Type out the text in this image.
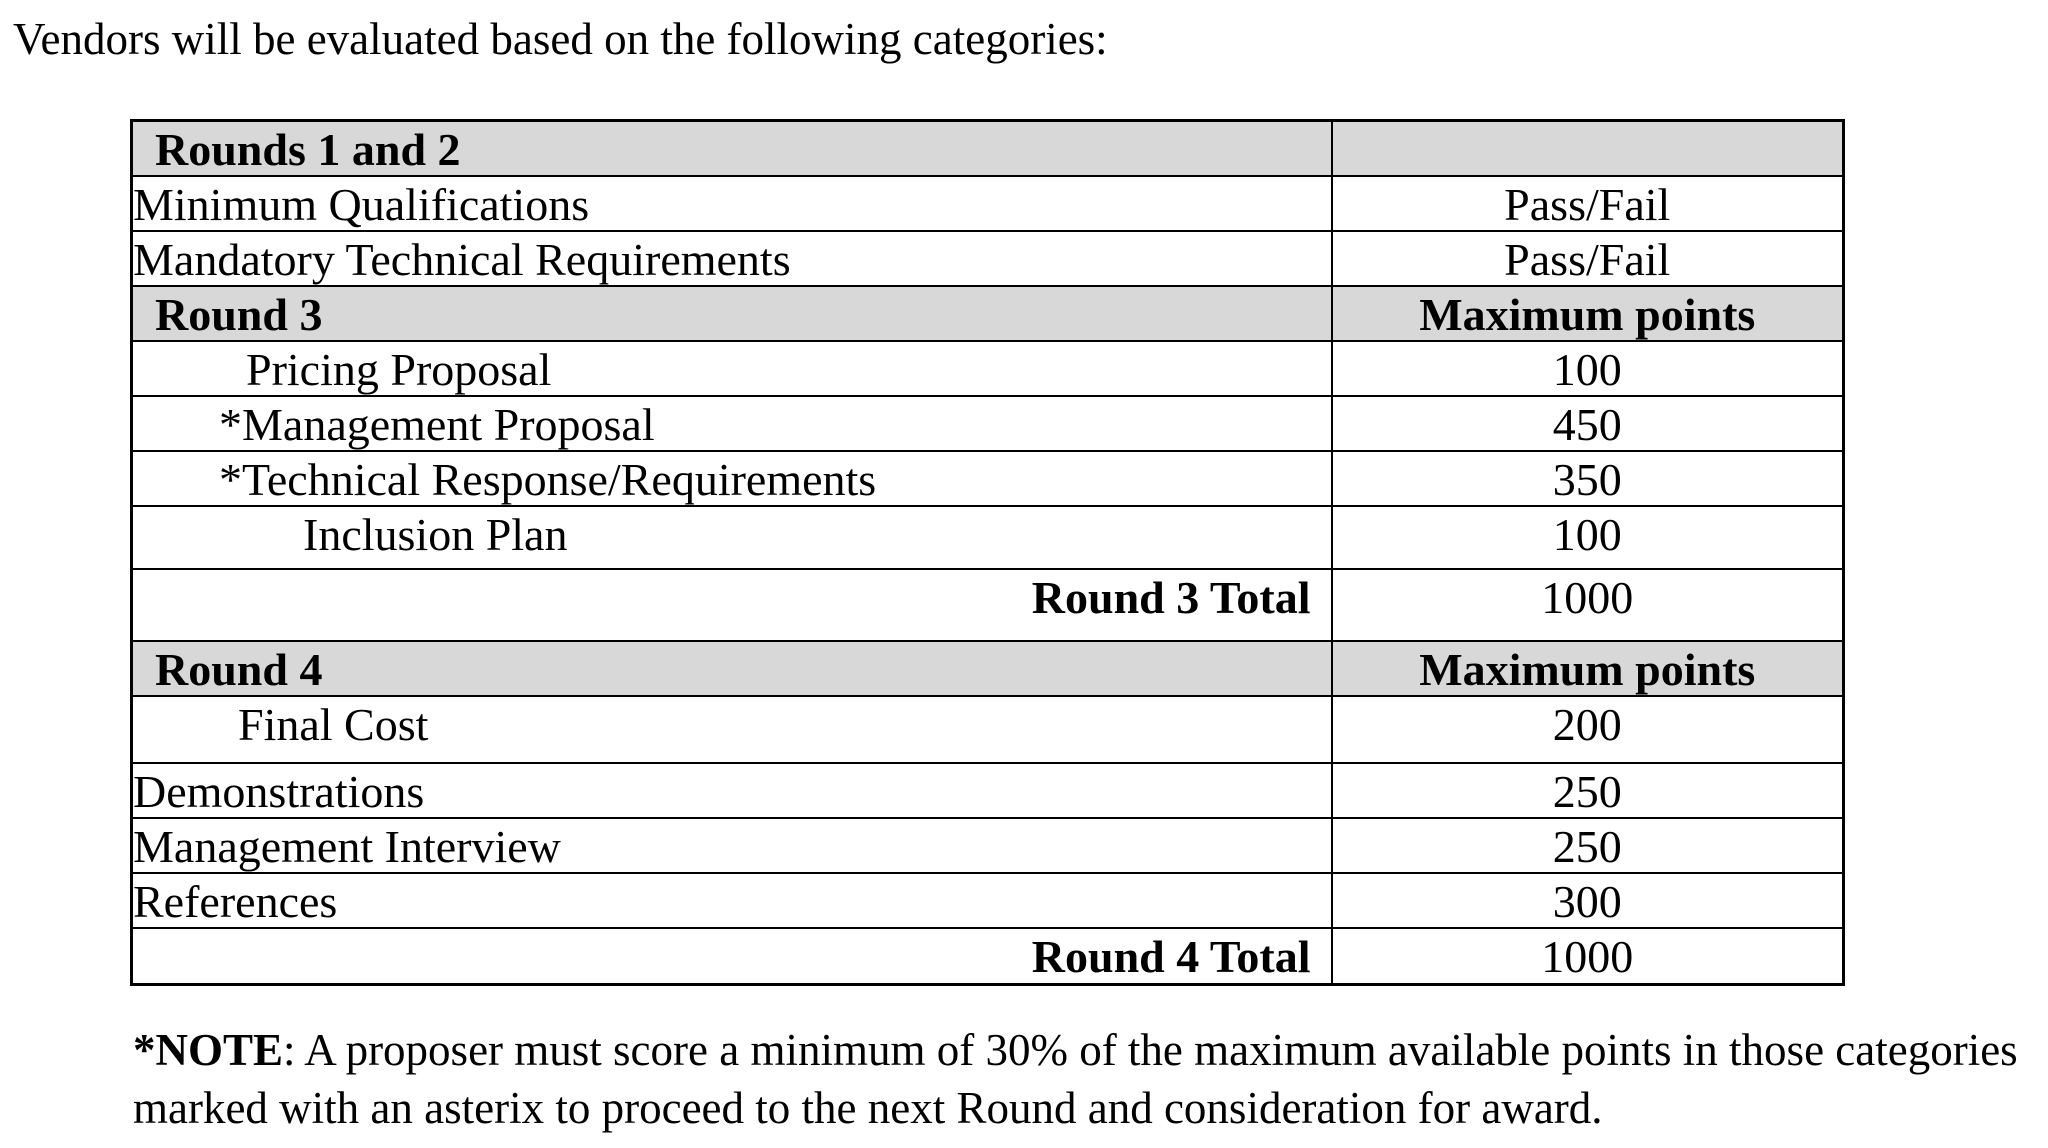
Vendors will be evaluated based on the following categories:

Rounds 1 and 2	
Minimum Qualifications	Pass/Fail
Mandatory Technical Requirements	Pass/Fail
Round 3	Maximum points
Pricing Proposal	100
*Management Proposal	450
*Technical Response/Requirements	350
Inclusion Plan	100
Round 3 Total	1000
Round 4	Maximum points
Final Cost	200
Demonstrations	250
Management Interview	250
References	300
Round 4 Total	1000

*NOTE: A proposer must score a minimum of 30% of the maximum available points in those categories
marked with an asterix to proceed to the next Round and consideration for award.
